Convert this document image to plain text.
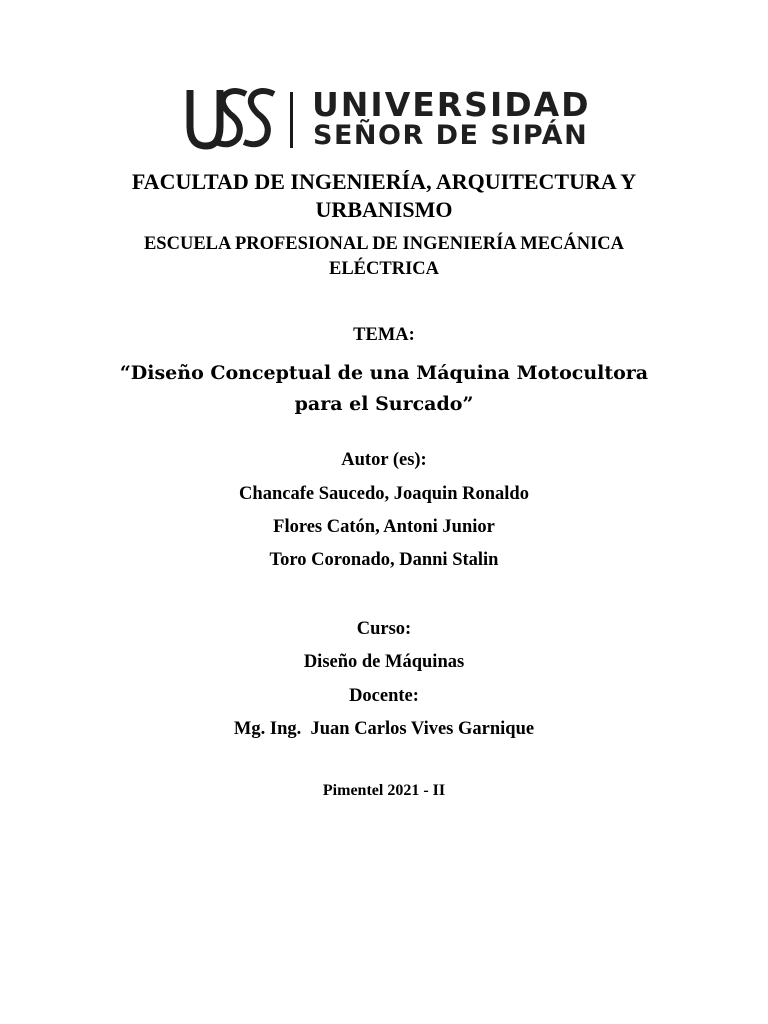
UNIVERSIDAD
SEÑOR DE SIPÁN
FACULTAD DE INGENIERÍA, ARQUITECTURA Y URBANISMO
ESCUELA PROFESIONAL DE INGENIERÍA MECÁNICA ELÉCTRICA
TEMA:
“Diseño Conceptual de una Máquina Motocultora para el Surcado”
Autor (es):
Chancafe Saucedo, Joaquin Ronaldo
Flores Catón, Antoni Junior
Toro Coronado, Danni Stalin
Curso:
Diseño de Máquinas
Docente:
Mg. Ing.  Juan Carlos Vives Garnique
Pimentel 2021 - II
